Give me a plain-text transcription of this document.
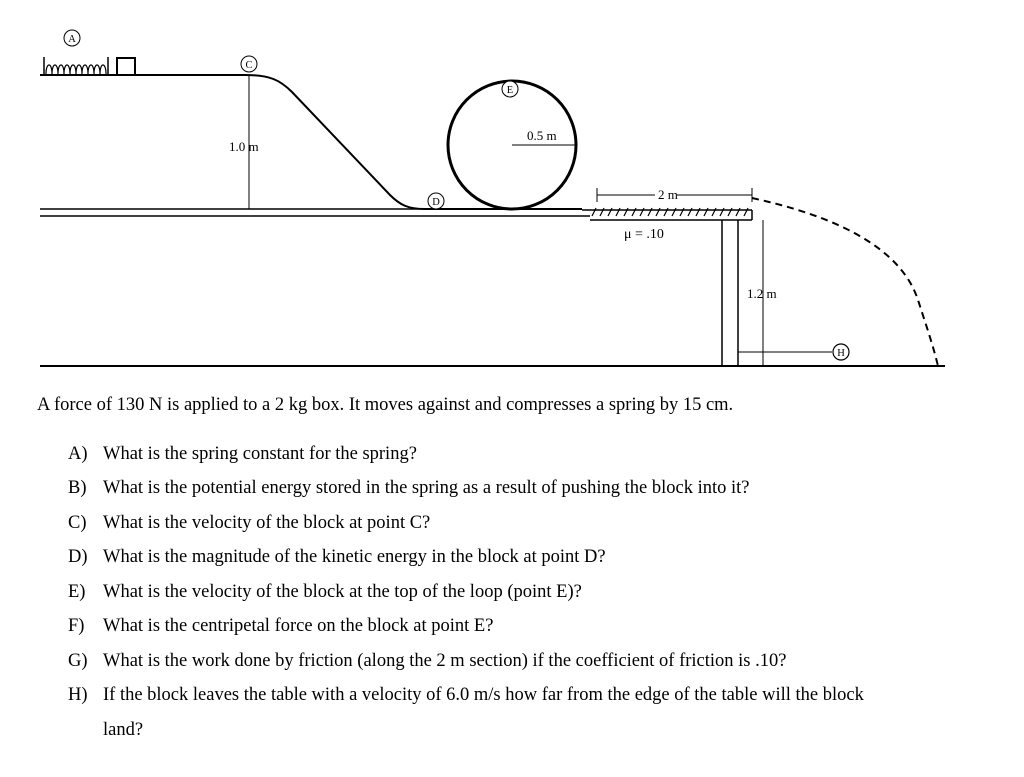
1.0 m
0.5 m
2 m
μ = .10
1.2 m
A
C
E
D
H

A force of 130 N is applied to a 2 kg box. It moves against and compresses a spring by 15 cm.

A) What is the spring constant for the spring?
B) What is the potential energy stored in the spring as a result of pushing the block into it?
C) What is the velocity of the block at point C?
D) What is the magnitude of the kinetic energy in the block at point D?
E) What is the velocity of the block at the top of the loop (point E)?
F) What is the centripetal force on the block at point E?
G) What is the work done by friction (along the 2 m section) if the coefficient of friction is .10?
H) If the block leaves the table with a velocity of 6.0 m/s how far from the edge of the table will the block
land?
